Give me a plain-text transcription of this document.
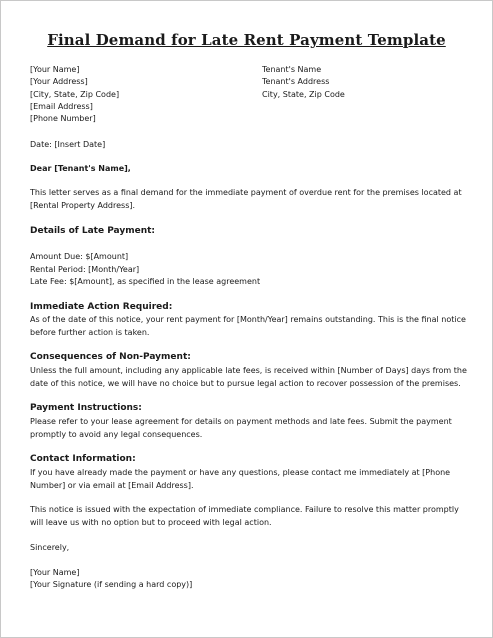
Final Demand for Late Rent Payment Template
[Your Name]
[Your Address]
[City, State, Zip Code]
[Email Address]
[Phone Number]
Tenant's Name
Tenant's Address
City, State, Zip Code
Date: [Insert Date]
Dear [Tenant's Name],
This letter serves as a final demand for the immediate payment of overdue rent for the premises located at [Rental Property Address].
Details of Late Payment:
Amount Due: $[Amount]
Rental Period: [Month/Year]
Late Fee: $[Amount], as specified in the lease agreement
Immediate Action Required:
As of the date of this notice, your rent payment for [Month/Year] remains outstanding. This is the final notice before further action is taken.
Consequences of Non-Payment:
Unless the full amount, including any applicable late fees, is received within [Number of Days] days from the date of this notice, we will have no choice but to pursue legal action to recover possession of the premises.
Payment Instructions:
Please refer to your lease agreement for details on payment methods and late fees. Submit the payment promptly to avoid any legal consequences.
Contact Information:
If you have already made the payment or have any questions, please contact me immediately at [Phone Number] or via email at [Email Address].
This notice is issued with the expectation of immediate compliance. Failure to resolve this matter promptly will leave us with no option but to proceed with legal action.
Sincerely,
[Your Name]
[Your Signature (if sending a hard copy)]
